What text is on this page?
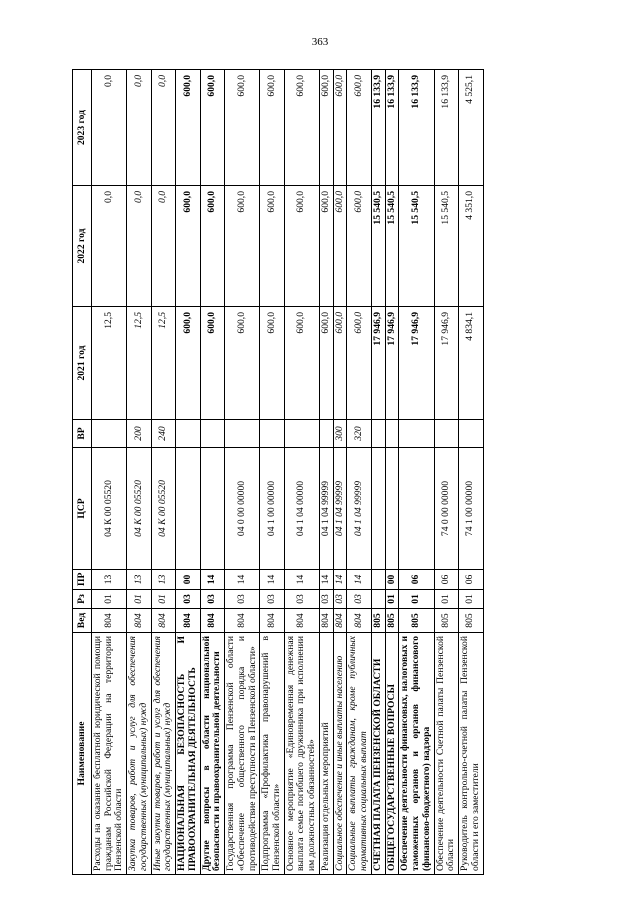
363
Наименование	Вед	Рз	ПР	ЦСР	ВР	2021 год	2022 год	2023 год
Расходы на оказание бесплатной юридической помощи гражданам Российской Федерации на территории Пензенской области	804	01	13	04 К 00 05520		12,5	0,0	0,0
Закупка товаров, работ и услуг для обеспечения государственных (муниципальных) нужд	804	01	13	04 К 00 05520	200	12,5	0,0	0,0
Иные закупки товаров, работ и услуг для обеспечения государственных (муниципальных) нужд	804	01	13	04 К 00 05520	240	12,5	0,0	0,0
НАЦИОНАЛЬНАЯ БЕЗОПАСНОСТЬ И ПРАВООХРАНИТЕЛЬНАЯ ДЕЯТЕЛЬНОСТЬ	804	03	00			600,0	600,0	600,0
Другие вопросы в области национальной безопасности и правоохранительной деятельности	804	03	14			600,0	600,0	600,0
Государственная программа Пензенской области «Обеспечение общественного порядка и противодействие преступности в Пензенской области»	804	03	14	04 0 00 00000		600,0	600,0	600,0
Подпрограмма «Профилактика правонарушений в Пензенской области»	804	03	14	04 1 00 00000		600,0	600,0	600,0
Основное мероприятие «Единовременная денежная выплата семье погибшего дружинника при исполнении им должностных обязанностей»	804	03	14	04 1 04 00000		600,0	600,0	600,0
Реализация отдельных мероприятий	804	03	14	04 1 04 99999		600,0	600,0	600,0
Социальное обеспечение и иные выплаты населению	804	03	14	04 1 04 99999	300	600,0	600,0	600,0
Социальные выплаты гражданам, кроме публичных нормативных социальных выплат	804	03	14	04 1 04 99999	320	600,0	600,0	600,0
СЧЕТНАЯ ПАЛАТА ПЕНЗЕНСКОЙ ОБЛАСТИ	805					17 946,9	15 540,5	16 133,9
ОБЩЕГОСУДАРСТВЕННЫЕ ВОПРОСЫ	805	01	00			17 946,9	15 540,5	16 133,9
Обеспечение деятельности финансовых, налоговых и таможенных органов и органов финансового (финансово-бюджетного) надзора	805	01	06			17 946,9	15 540,5	16 133,9
Обеспечение деятельности Счетной палаты Пензенской области	805	01	06	74 0 00 00000		17 946,9	15 540,5	16 133,9
Руководитель контрольно-счетной палаты Пензенской области и его заместители	805	01	06	74 1 00 00000		4 834,1	4 351,0	4 525,1
